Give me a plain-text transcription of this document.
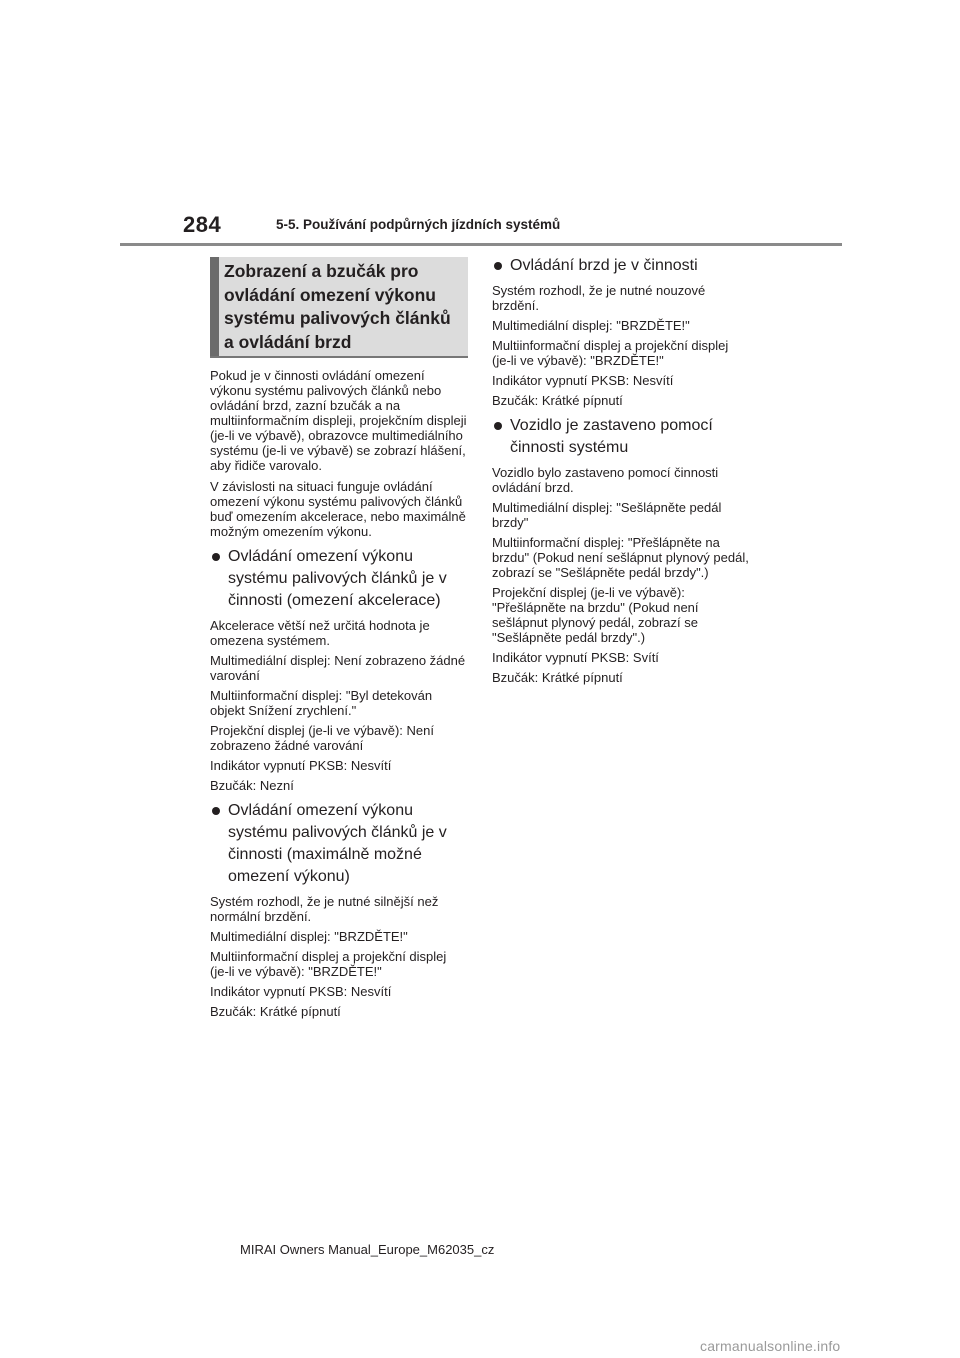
284	5-5. Používání podpůrných jízdních systémů
Zobrazení a bzučák pro ovládání omezení výkonu systému palivových článků a ovládání brzd

Pokud je v činnosti ovládání omezení výkonu systému palivových článků nebo ovládání brzd, zazní bzučák a na multiinformačním displeji, projekčním displeji (je-li ve výbavě), obrazovce multimediálního systému (je-li ve výbavě) se zobrazí hlášení, aby řidiče varovalo.

V závislosti na situaci funguje ovládání omezení výkonu systému palivových článků buď omezením akcelerace, nebo maximálně možným omezením výkonu.

Ovládání omezení výkonu systému palivových článků je v činnosti (omezení akcelerace)

Akcelerace větší než určitá hodnota je omezena systémem.

Multimediální displej: Není zobrazeno žádné varování

Multiinformační displej: "Byl detekován objekt Snížení zrychlení."

Projekční displej (je-li ve výbavě): Není zobrazeno žádné varování

Indikátor vypnutí PKSB: Nesvítí

Bzučák: Nezní

Ovládání omezení výkonu systému palivových článků je v činnosti (maximálně možné omezení výkonu)

Systém rozhodl, že je nutné silnější než normální brzdění.

Multimediální displej: "BRZDĚTE!"

Multiinformační displej a projekční displej (je-li ve výbavě): "BRZDĚTE!"

Indikátor vypnutí PKSB: Nesvítí

Bzučák: Krátké pípnutí

Ovládání brzd je v činnosti

Systém rozhodl, že je nutné nouzové brzdění.

Multimediální displej: "BRZDĚTE!"

Multiinformační displej a projekční displej (je-li ve výbavě): "BRZDĚTE!"

Indikátor vypnutí PKSB: Nesvítí

Bzučák: Krátké pípnutí

Vozidlo je zastaveno pomocí činnosti systému

Vozidlo bylo zastaveno pomocí činnosti ovládání brzd.

Multimediální displej: "Sešlápněte pedál brzdy"

Multiinformační displej: "Přešlápněte na brzdu" (Pokud není sešlápnut plynový pedál, zobrazí se "Sešlápněte pedál brzdy".)

Projekční displej (je-li ve výbavě): "Přešlápněte na brzdu" (Pokud není sešlápnut plynový pedál, zobrazí se "Sešlápněte pedál brzdy".)

Indikátor vypnutí PKSB: Svítí

Bzučák: Krátké pípnutí

MIRAI Owners Manual_Europe_M62035_cz
carmanualsonline.info
